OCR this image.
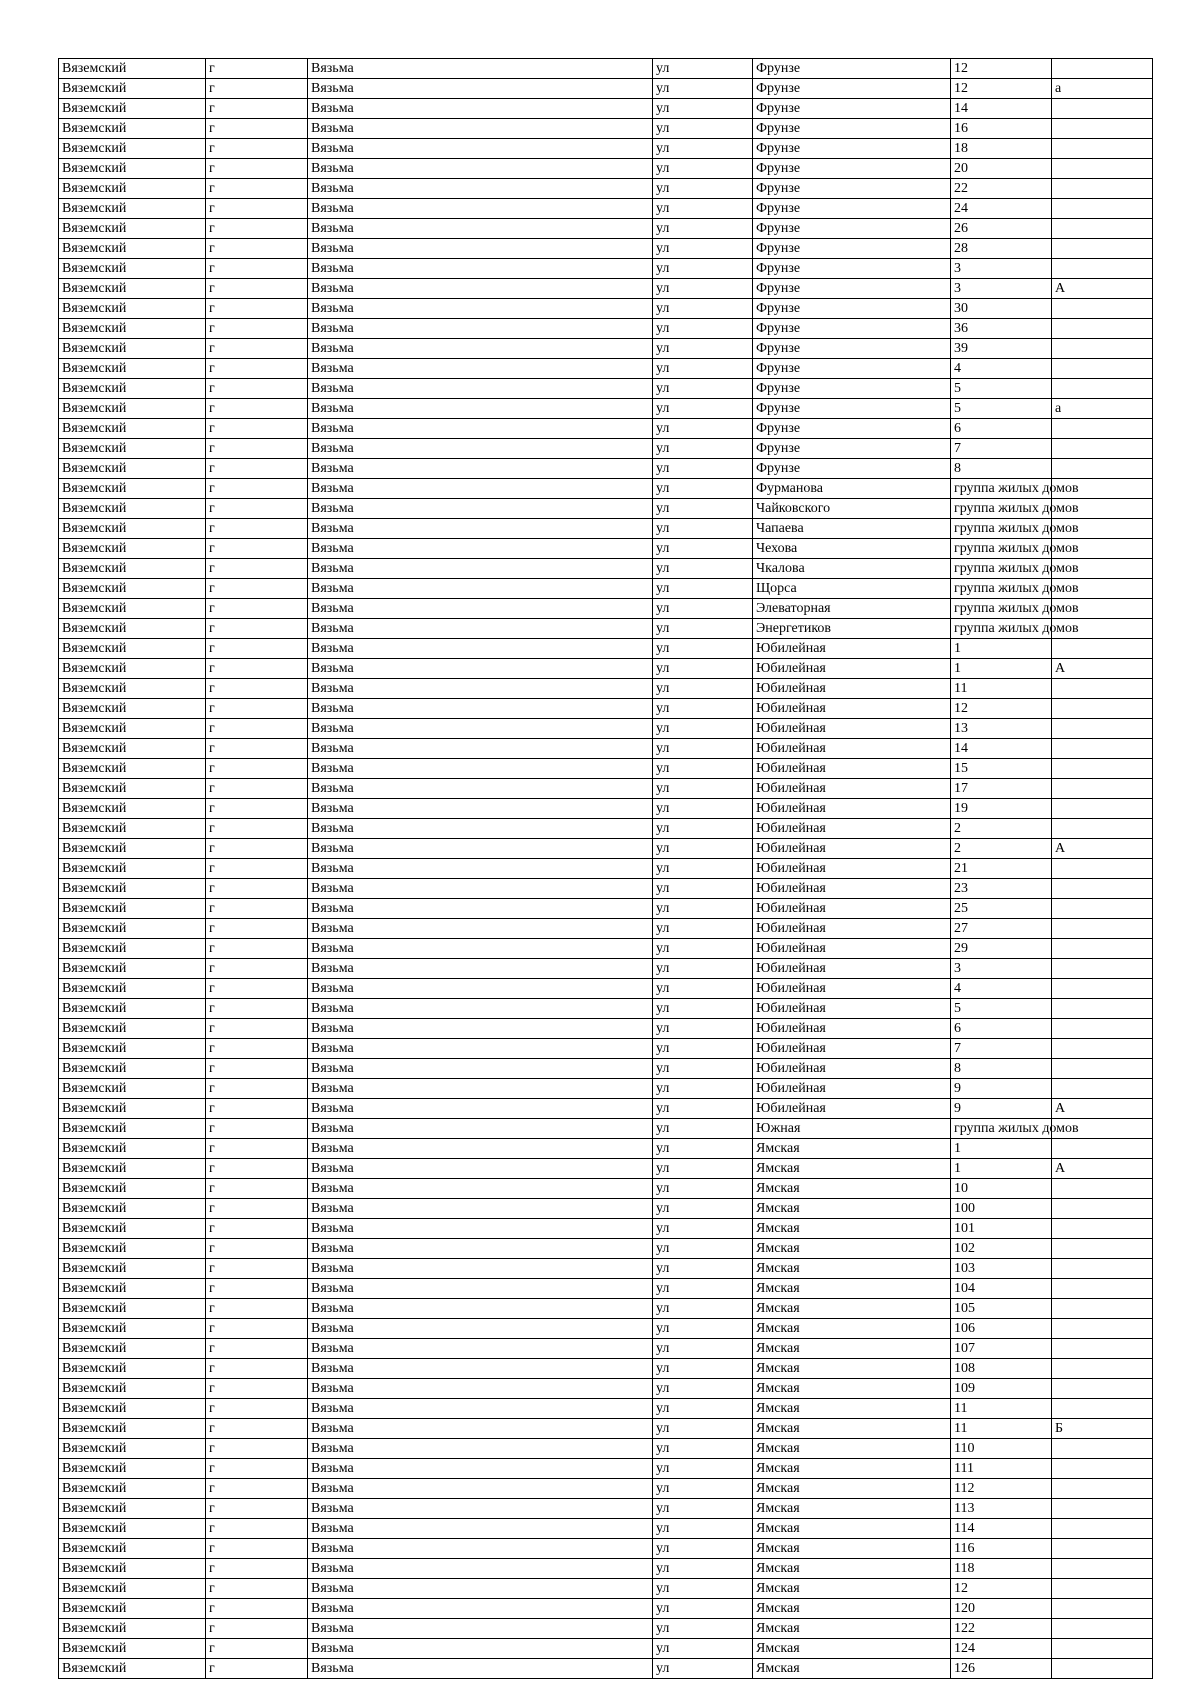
Вяземский	г	Вязьма	ул	Фрунзе	12	
Вяземский	г	Вязьма	ул	Фрунзе	12	а
Вяземский	г	Вязьма	ул	Фрунзе	14	
Вяземский	г	Вязьма	ул	Фрунзе	16	
Вяземский	г	Вязьма	ул	Фрунзе	18	
Вяземский	г	Вязьма	ул	Фрунзе	20	
Вяземский	г	Вязьма	ул	Фрунзе	22	
Вяземский	г	Вязьма	ул	Фрунзе	24	
Вяземский	г	Вязьма	ул	Фрунзе	26	
Вяземский	г	Вязьма	ул	Фрунзе	28	
Вяземский	г	Вязьма	ул	Фрунзе	3	
Вяземский	г	Вязьма	ул	Фрунзе	3	А
Вяземский	г	Вязьма	ул	Фрунзе	30	
Вяземский	г	Вязьма	ул	Фрунзе	36	
Вяземский	г	Вязьма	ул	Фрунзе	39	
Вяземский	г	Вязьма	ул	Фрунзе	4	
Вяземский	г	Вязьма	ул	Фрунзе	5	
Вяземский	г	Вязьма	ул	Фрунзе	5	а
Вяземский	г	Вязьма	ул	Фрунзе	6	
Вяземский	г	Вязьма	ул	Фрунзе	7	
Вяземский	г	Вязьма	ул	Фрунзе	8	
Вяземский	г	Вязьма	ул	Фурманова	группа жилых домов	
Вяземский	г	Вязьма	ул	Чайковского	группа жилых домов	
Вяземский	г	Вязьма	ул	Чапаева	группа жилых домов	
Вяземский	г	Вязьма	ул	Чехова	группа жилых домов	
Вяземский	г	Вязьма	ул	Чкалова	группа жилых домов	
Вяземский	г	Вязьма	ул	Щорса	группа жилых домов	
Вяземский	г	Вязьма	ул	Элеваторная	группа жилых домов	
Вяземский	г	Вязьма	ул	Энергетиков	группа жилых домов	
Вяземский	г	Вязьма	ул	Юбилейная	1	
Вяземский	г	Вязьма	ул	Юбилейная	1	А
Вяземский	г	Вязьма	ул	Юбилейная	11	
Вяземский	г	Вязьма	ул	Юбилейная	12	
Вяземский	г	Вязьма	ул	Юбилейная	13	
Вяземский	г	Вязьма	ул	Юбилейная	14	
Вяземский	г	Вязьма	ул	Юбилейная	15	
Вяземский	г	Вязьма	ул	Юбилейная	17	
Вяземский	г	Вязьма	ул	Юбилейная	19	
Вяземский	г	Вязьма	ул	Юбилейная	2	
Вяземский	г	Вязьма	ул	Юбилейная	2	А
Вяземский	г	Вязьма	ул	Юбилейная	21	
Вяземский	г	Вязьма	ул	Юбилейная	23	
Вяземский	г	Вязьма	ул	Юбилейная	25	
Вяземский	г	Вязьма	ул	Юбилейная	27	
Вяземский	г	Вязьма	ул	Юбилейная	29	
Вяземский	г	Вязьма	ул	Юбилейная	3	
Вяземский	г	Вязьма	ул	Юбилейная	4	
Вяземский	г	Вязьма	ул	Юбилейная	5	
Вяземский	г	Вязьма	ул	Юбилейная	6	
Вяземский	г	Вязьма	ул	Юбилейная	7	
Вяземский	г	Вязьма	ул	Юбилейная	8	
Вяземский	г	Вязьма	ул	Юбилейная	9	
Вяземский	г	Вязьма	ул	Юбилейная	9	А
Вяземский	г	Вязьма	ул	Южная	группа жилых домов	
Вяземский	г	Вязьма	ул	Ямская	1	
Вяземский	г	Вязьма	ул	Ямская	1	А
Вяземский	г	Вязьма	ул	Ямская	10	
Вяземский	г	Вязьма	ул	Ямская	100	
Вяземский	г	Вязьма	ул	Ямская	101	
Вяземский	г	Вязьма	ул	Ямская	102	
Вяземский	г	Вязьма	ул	Ямская	103	
Вяземский	г	Вязьма	ул	Ямская	104	
Вяземский	г	Вязьма	ул	Ямская	105	
Вяземский	г	Вязьма	ул	Ямская	106	
Вяземский	г	Вязьма	ул	Ямская	107	
Вяземский	г	Вязьма	ул	Ямская	108	
Вяземский	г	Вязьма	ул	Ямская	109	
Вяземский	г	Вязьма	ул	Ямская	11	
Вяземский	г	Вязьма	ул	Ямская	11	Б
Вяземский	г	Вязьма	ул	Ямская	110	
Вяземский	г	Вязьма	ул	Ямская	111	
Вяземский	г	Вязьма	ул	Ямская	112	
Вяземский	г	Вязьма	ул	Ямская	113	
Вяземский	г	Вязьма	ул	Ямская	114	
Вяземский	г	Вязьма	ул	Ямская	116	
Вяземский	г	Вязьма	ул	Ямская	118	
Вяземский	г	Вязьма	ул	Ямская	12	
Вяземский	г	Вязьма	ул	Ямская	120	
Вяземский	г	Вязьма	ул	Ямская	122	
Вяземский	г	Вязьма	ул	Ямская	124	
Вяземский	г	Вязьма	ул	Ямская	126	
